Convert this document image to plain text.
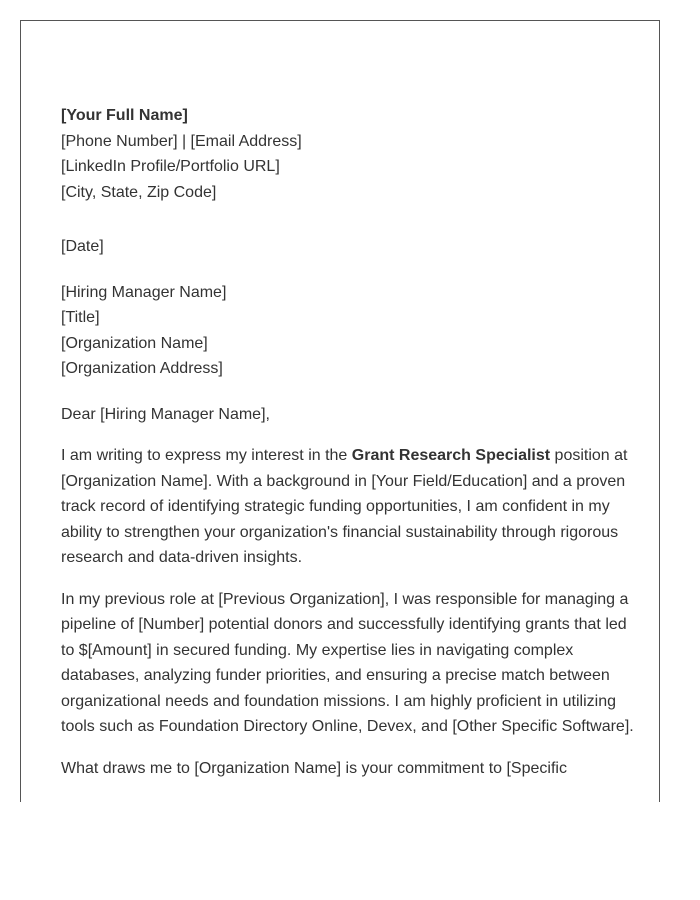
[Your Full Name]
[Phone Number] | [Email Address]
[LinkedIn Profile/Portfolio URL]
[City, State, Zip Code]
[Date]
[Hiring Manager Name]
[Title]
[Organization Name]
[Organization Address]

Dear [Hiring Manager Name],

I am writing to express my interest in the Grant Research Specialist position at [Organization Name]. With a background in [Your Field/Education] and a proven track record of identifying strategic funding opportunities, I am confident in my ability to strengthen your organization's financial sustainability through rigorous research and data-driven insights.

In my previous role at [Previous Organization], I was responsible for managing a pipeline of [Number] potential donors and successfully identifying grants that led to $[Amount] in secured funding. My expertise lies in navigating complex databases, analyzing funder priorities, and ensuring a precise match between organizational needs and foundation missions. I am highly proficient in utilizing tools such as Foundation Directory Online, Devex, and [Other Specific Software].

What draws me to [Organization Name] is your commitment to [Specific
